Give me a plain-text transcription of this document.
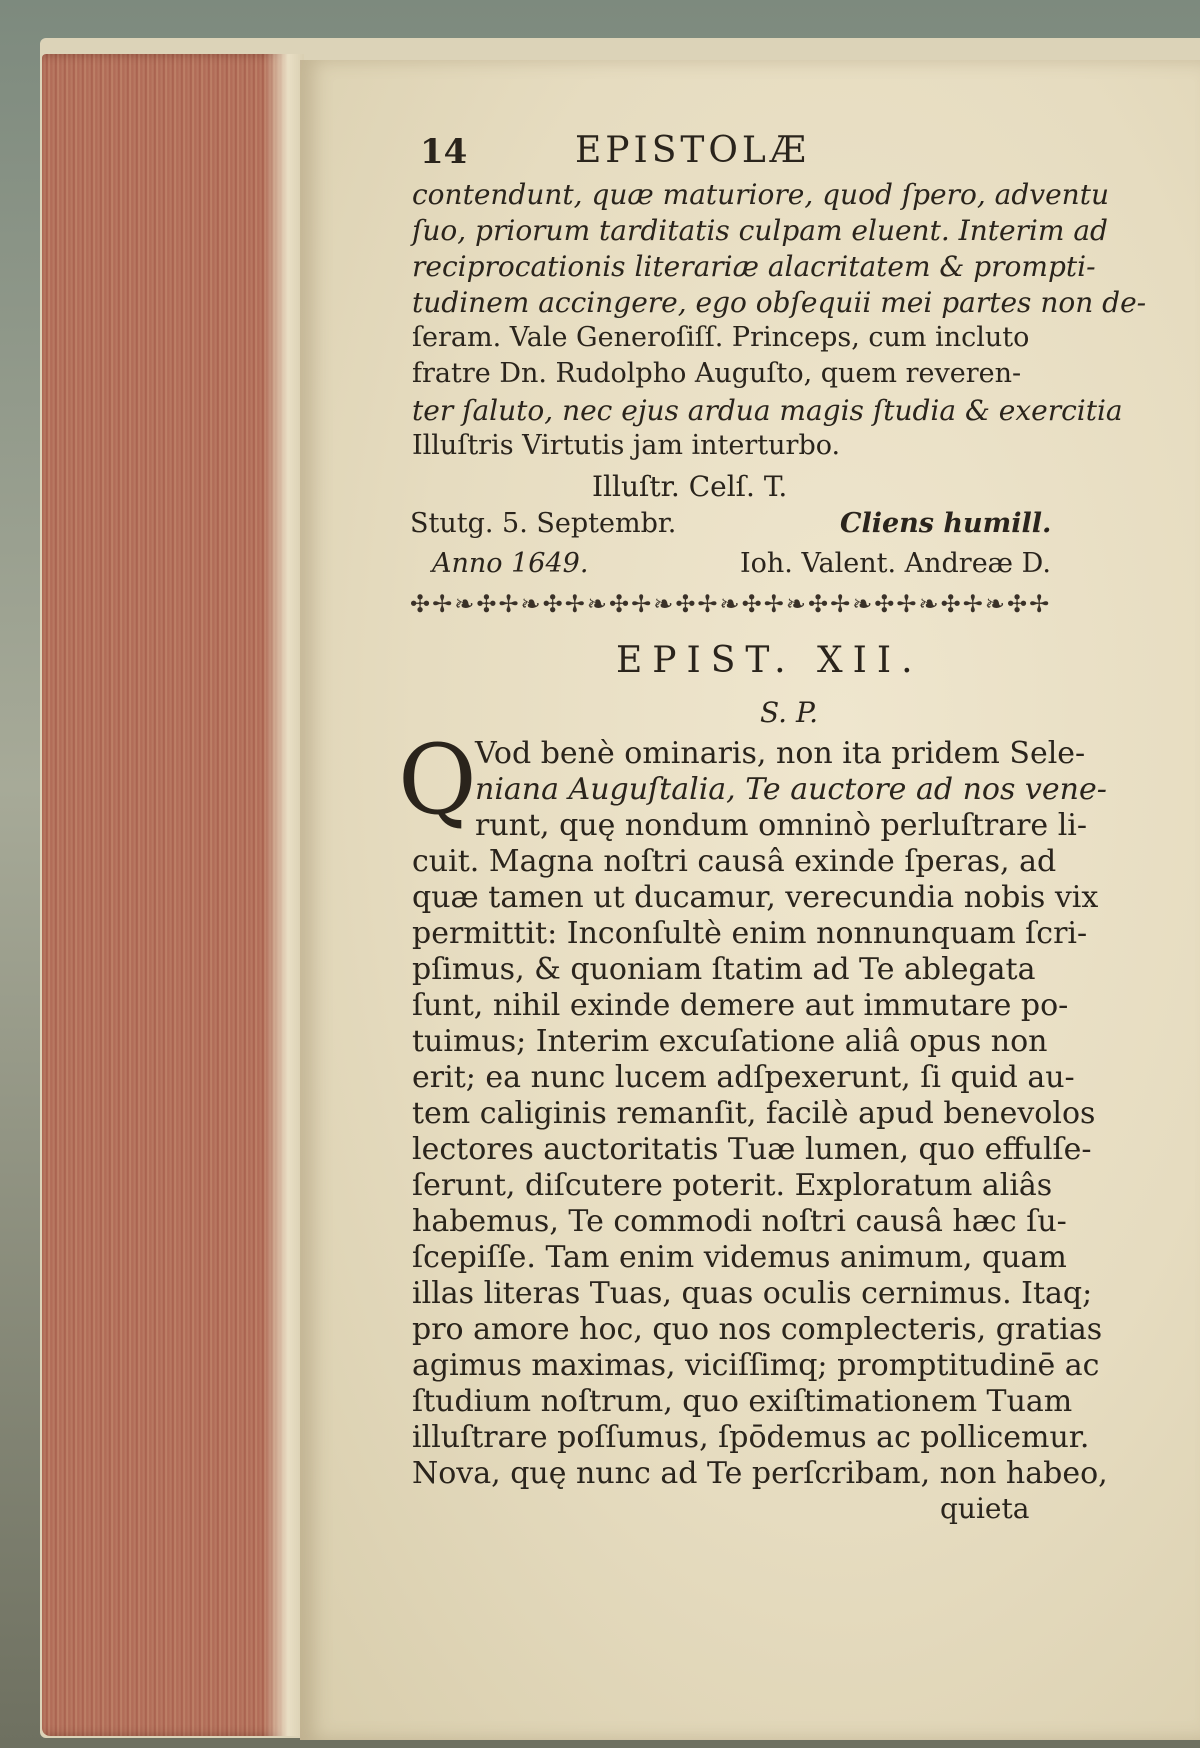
14	EPISTOLÆ
contendunt, quæ maturiore, quod ſpero, adventu
ſuo, priorum tarditatis culpam eluent. Interim ad
reciprocationis literariæ alacritatem & prompti-
tudinem accingere, ego obſequii mei partes non de-
ſeram. Vale Generoſiſſ. Princeps, cum incluto
fratre Dn. Rudolpho Auguſto, quem reveren-
ter ſaluto, nec ejus ardua magis ſtudia & exercitia
Illuſtris Virtutis jam interturbo.
Illuſtr. Celſ. T.
Stutg. 5. Septembr.	Cliens humill.
Anno 1649.	Ioh. Valent. Andreæ D.
✣✢❧✣✢❧✣✢❧✣✢❧✣✢❧✣✢❧✣✢❧✣✢❧✣✢❧✣✢
EPIST. XII.
S. P.
Q
Vod benè ominaris, non ita pridem Sele-
niana Auguſtalia, Te auctore ad nos vene-
runt, quę nondum omninò perluſtrare li-
cuit. Magna noſtri causâ exinde ſperas, ad
quæ tamen ut ducamur, verecundia nobis vix
permittit: Inconſultè enim nonnunquam ſcri-
pſimus, & quoniam ſtatim ad Te ablegata
ſunt, nihil exinde demere aut immutare po-
tuimus; Interim excuſatione aliâ opus non
erit; ea nunc lucem adſpexerunt, ſi quid au-
tem caliginis remanſit, facilè apud benevolos
lectores auctoritatis Tuæ lumen, quo effulſe-
ſerunt, diſcutere poterit. Exploratum aliâs
habemus, Te commodi noſtri causâ hæc ſu-
ſcepiſſe. Tam enim videmus animum, quam
illas literas Tuas, quas oculis cernimus. Itaq;
pro amore hoc, quo nos complecteris, gratias
agimus maximas, viciſſimq; promptitudinē ac
ſtudium noſtrum, quo exiſtimationem Tuam
illuſtrare poſſumus, ſpōdemus ac pollicemur.
Nova, quę nunc ad Te perſcribam, non habeo,
quieta
